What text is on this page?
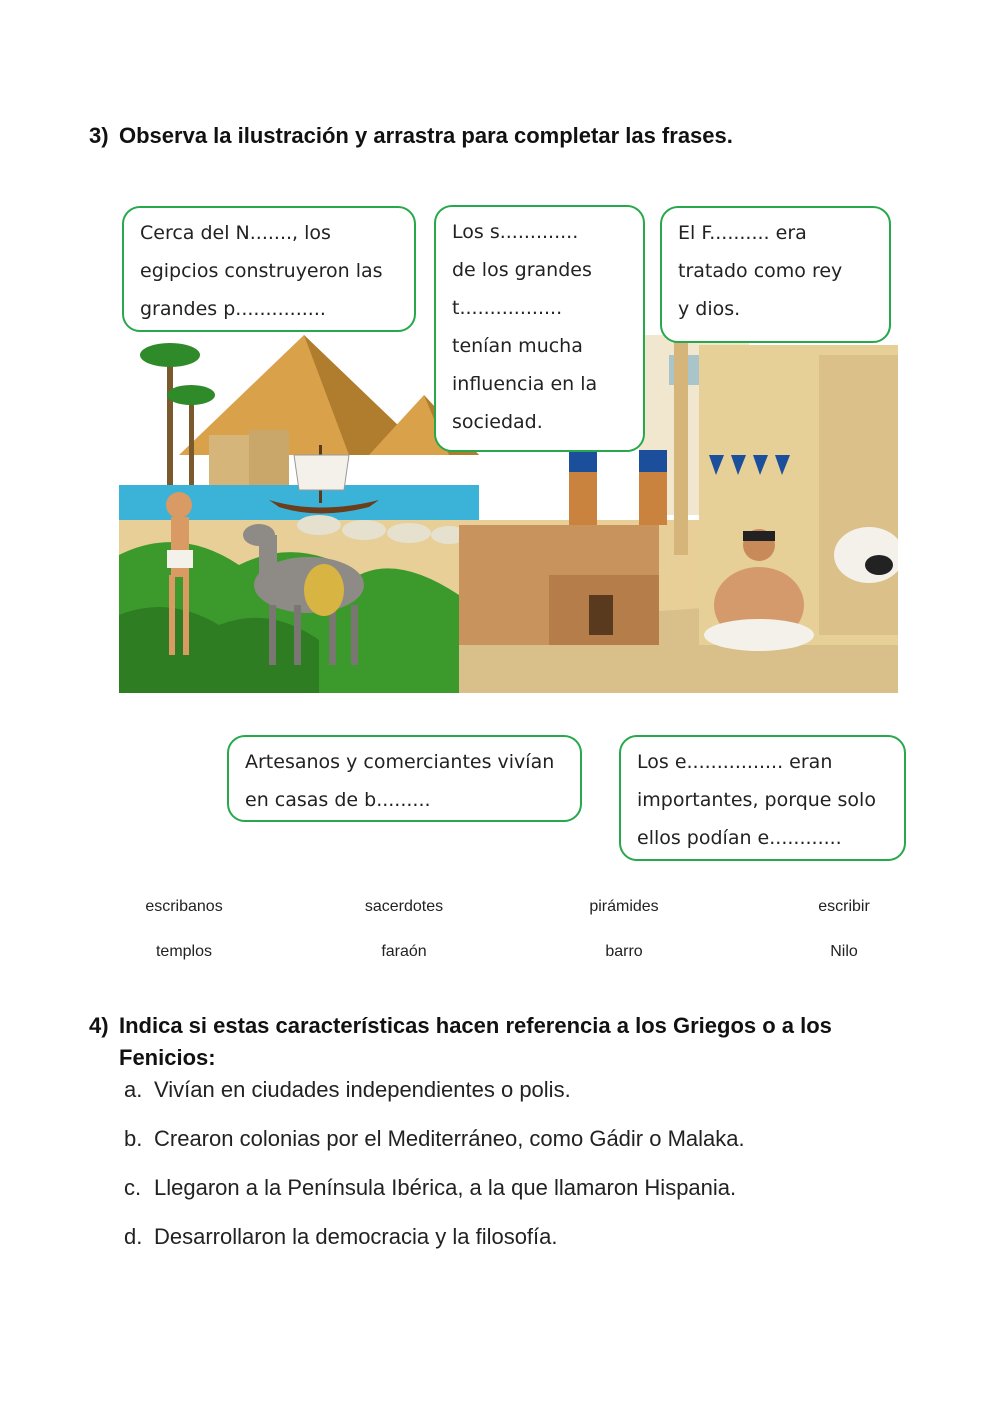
3) Observa la ilustración y arrastra para completar las frases.
Cerca del N......., los
egipcios construyeron las
grandes p...............
Los s.............
de los grandes
t.................
tenían mucha
influencia en la
sociedad.
El F.......... era
tratado como rey
y dios.
Artesanos y comerciantes vivían
en casas de b.........
Los e................ eran
importantes, porque solo
ellos podían e............
escribanos	sacerdotes	pirámides	escribir
templos	faraón	barro	Nilo
4) Indica si estas características hacen referencia a los Griegos o a los
Fenicios:
a. Vivían en ciudades independientes o polis.
b. Crearon colonias por el Mediterráneo, como Gádir o Malaka.
c. Llegaron a la Península Ibérica, a la que llamaron Hispania.
d. Desarrollaron la democracia y la filosofía.
